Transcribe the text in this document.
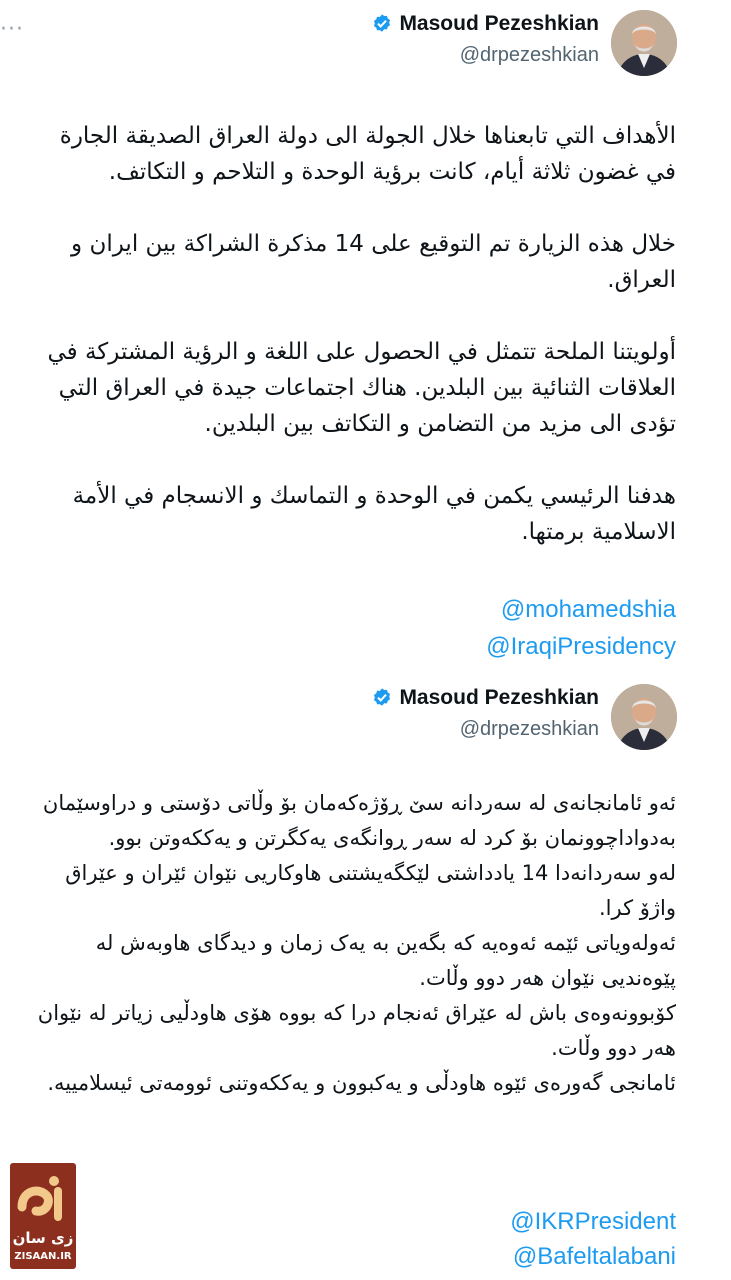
···	Masoud Pezeshkian
@drpezeshkian

الأهداف التي تابعناها خلال الجولة الى دولة العراق الصديقة الجارة في غضون ثلاثة أيام، كانت برؤية الوحدة و التلاحم و التكاتف.

خلال هذه الزيارة تم التوقيع على 14 مذكرة الشراكة بين ايران و العراق.

أولويتنا الملحة تتمثل في الحصول على اللغة و الرؤية المشتركة في العلاقات الثنائية بين البلدين. هناك اجتماعات جيدة في العراق التي تؤدى الى مزيد من التضامن و التكاتف بين البلدين.

هدفنا الرئيسي يكمن في الوحدة و التماسك و الانسجام في الأمة الاسلامية برمتها.

@mohamedshia
@IraqiPresidency
Masoud Pezeshkian
@drpezeshkian

ئەو ئامانجانەی لە سەردانە سێ ڕۆژەکەمان بۆ وڵاتی دۆستی و دراوسێمان بەدواداچوونمان بۆ کرد لە سەر ڕوانگەی یەکگرتن و یەککەوتن بوو.

لەو سەردانەدا 14 یادداشتی لێکگەیشتنی هاوکاریی نێوان ئێران و عێراق واژۆ کرا.

ئەولەویاتی ئێمە ئەوەیە کە بگەین بە یەک زمان و دیدگای هاوبەش لە پێوەندیی نێوان هەر دوو وڵات.

کۆبوونەوەی باش لە عێراق ئەنجام درا کە بووە هۆی هاودڵیی زیاتر لە نێوان هەر دوو وڵات.

ئامانجی گەورەی ئێوە هاودڵی و یەکبوون و یەککەوتنی ئوومەتی ئیسلامییە.

@IKRPresident
@Bafeltalabani
زی سان
ZISAAN.IR
